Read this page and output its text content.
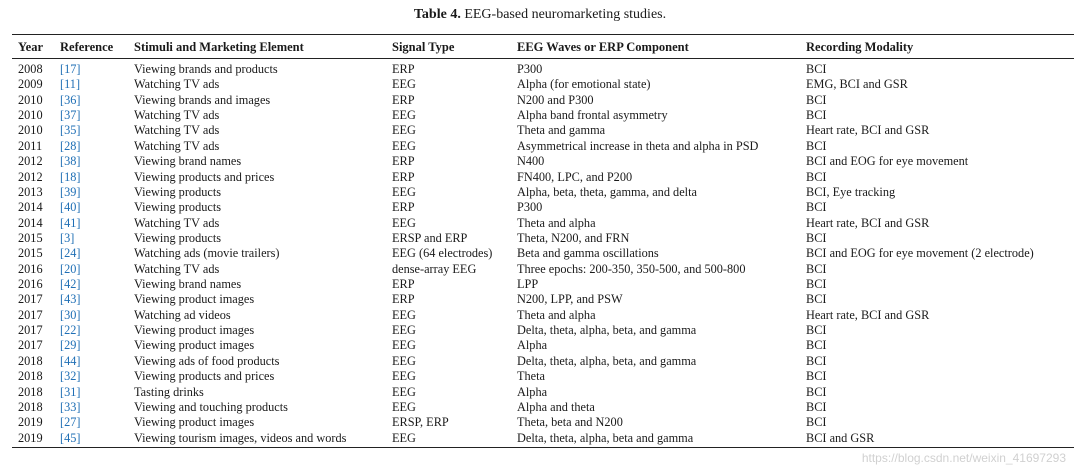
Table 4. EEG-based neuromarketing studies.
Year	Reference	Stimuli and Marketing Element	Signal Type	EEG Waves or ERP Component	Recording Modality
2008	[17]	Viewing brands and products	ERP	P300	BCI
2009	[11]	Watching TV ads	EEG	Alpha (for emotional state)	EMG, BCI and GSR
2010	[36]	Viewing brands and images	ERP	N200 and P300	BCI
2010	[37]	Watching TV ads	EEG	Alpha band frontal asymmetry	BCI
2010	[35]	Watching TV ads	EEG	Theta and gamma	Heart rate, BCI and GSR
2011	[28]	Watching TV ads	EEG	Asymmetrical increase in theta and alpha in PSD	BCI
2012	[38]	Viewing brand names	ERP	N400	BCI and EOG for eye movement
2012	[18]	Viewing products and prices	ERP	FN400, LPC, and P200	BCI
2013	[39]	Viewing products	EEG	Alpha, beta, theta, gamma, and delta	BCI, Eye tracking
2014	[40]	Viewing products	ERP	P300	BCI
2014	[41]	Watching TV ads	EEG	Theta and alpha	Heart rate, BCI and GSR
2015	[3]	Viewing products	ERSP and ERP	Theta, N200, and FRN	BCI
2015	[24]	Watching ads (movie trailers)	EEG (64 electrodes)	Beta and gamma oscillations	BCI and EOG for eye movement (2 electrode)
2016	[20]	Watching TV ads	dense-array EEG	Three epochs: 200-350, 350-500, and 500-800	BCI
2016	[42]	Viewing brand names	ERP	LPP	BCI
2017	[43]	Viewing product images	ERP	N200, LPP, and PSW	BCI
2017	[30]	Watching ad videos	EEG	Theta and alpha	Heart rate, BCI and GSR
2017	[22]	Viewing product images	EEG	Delta, theta, alpha, beta, and gamma	BCI
2017	[29]	Viewing product images	EEG	Alpha	BCI
2018	[44]	Viewing ads of food products	EEG	Delta, theta, alpha, beta, and gamma	BCI
2018	[32]	Viewing products and prices	EEG	Theta	BCI
2018	[31]	Tasting drinks	EEG	Alpha	BCI
2018	[33]	Viewing and touching products	EEG	Alpha and theta	BCI
2019	[27]	Viewing product images	ERSP, ERP	Theta, beta and N200	BCI
2019	[45]	Viewing tourism images, videos and words	EEG	Delta, theta, alpha, beta and gamma	BCI and GSR
https://blog.csdn.net/weixin_41697293
